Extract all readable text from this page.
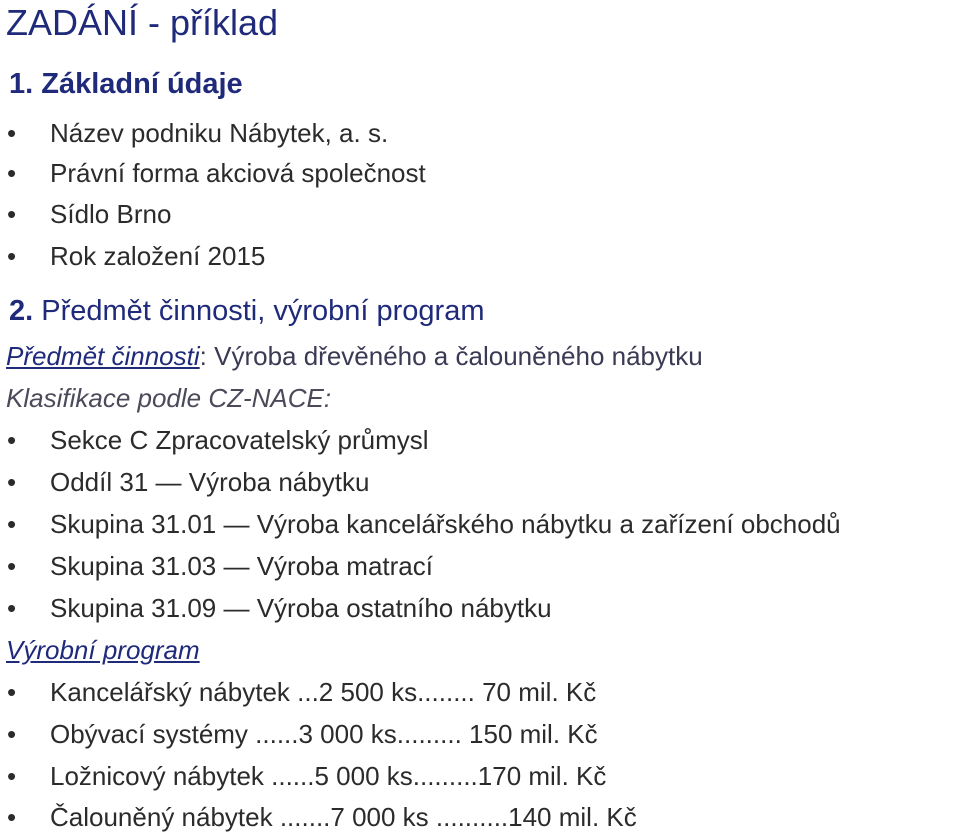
ZADÁNÍ - příklad
1. Základní údaje
• Název podniku Nábytek, a. s.
• Právní forma akciová společnost
• Sídlo Brno
• Rok založení 2015
2. Předmět činnosti, výrobní program
Předmět činnosti: Výroba dřevěného a čalouněného nábytku
Klasifikace podle CZ-NACE:
• Sekce C Zpracovatelský průmysl
• Oddíl 31 — Výroba nábytku
• Skupina 31.01 — Výroba kancelářského nábytku a zařízení obchodů
• Skupina 31.03 — Výroba matrací
• Skupina 31.09 — Výroba ostatního nábytku
Výrobní program
• Kancelářský nábytek ...2 500 ks........ 70 mil. Kč
• Obývací systémy ......3 000 ks......... 150 mil. Kč
• Ložnicový nábytek ......5 000 ks.........170 mil. Kč
• Čalouněný nábytek .......7 000 ks ..........140 mil. Kč
